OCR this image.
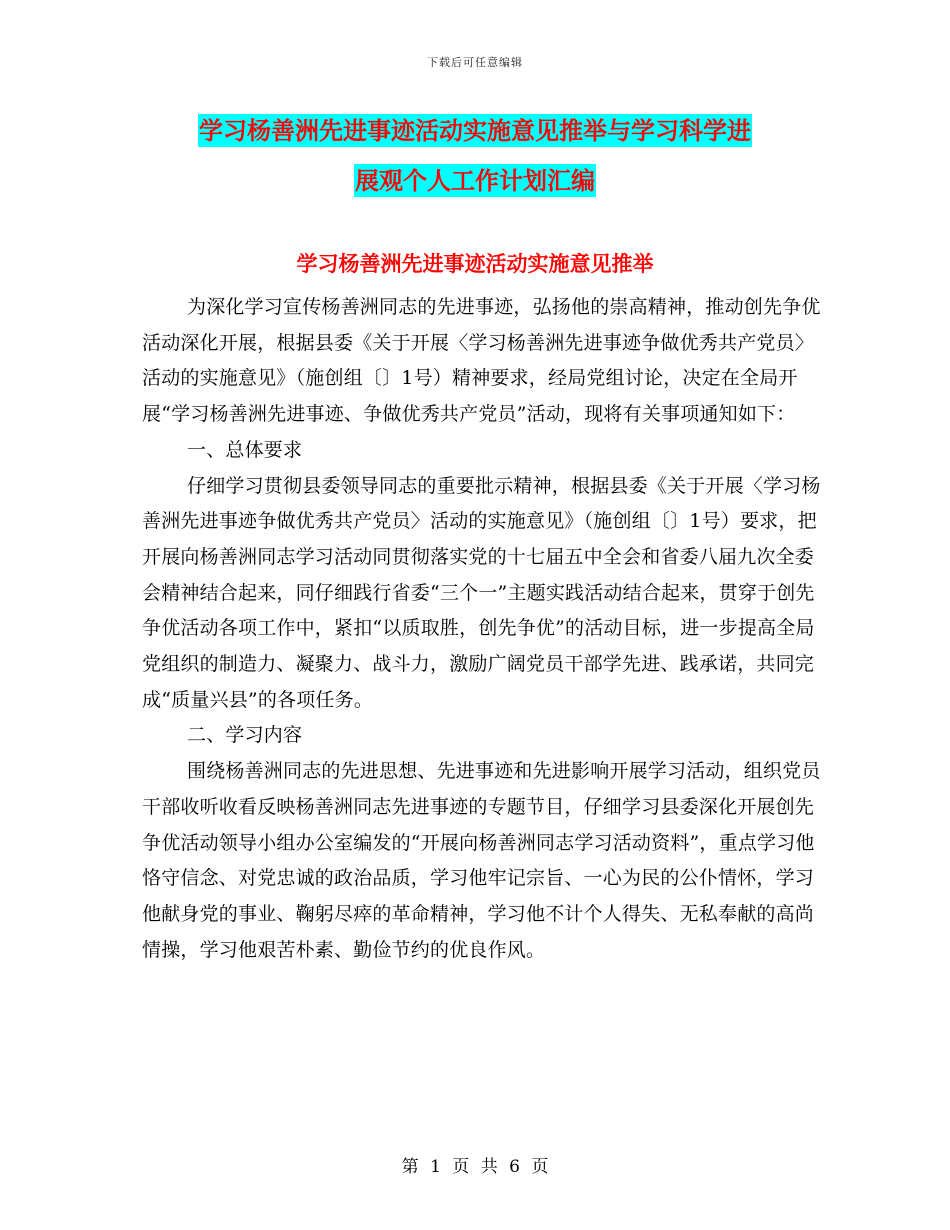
下载后可任意编辑
学习杨善洲先进事迹活动实施意见推举与学习科学进
展观个人工作计划汇编
学习杨善洲先进事迹活动实施意见推举

为深化学习宣传杨善洲同志的先进事迹，弘扬他的崇高精神，推动创先争优活动深化开展，根据县委《关于开展〈学习杨善洲先进事迹争做优秀共产党员〉活动的实施意见》（施创组〔〕1号）精神要求，经局党组讨论，决定在全局开展“学习杨善洲先进事迹、争做优秀共产党员”活动，现将有关事项通知如下：

一、总体要求

仔细学习贯彻县委领导同志的重要批示精神，根据县委《关于开展〈学习杨善洲先进事迹争做优秀共产党员〉活动的实施意见》（施创组〔〕1号）要求，把开展向杨善洲同志学习活动同贯彻落实党的十七届五中全会和省委八届九次全委会精神结合起来，同仔细践行省委“三个一”主题实践活动结合起来，贯穿于创先争优活动各项工作中，紧扣“以质取胜，创先争优”的活动目标，进一步提高全局党组织的制造力、凝聚力、战斗力，激励广阔党员干部学先进、践承诺，共同完成“质量兴县”的各项任务。

二、学习内容

围绕杨善洲同志的先进思想、先进事迹和先进影响开展学习活动，组织党员干部收听收看反映杨善洲同志先进事迹的专题节目，仔细学习县委深化开展创先争优活动领导小组办公室编发的“开展向杨善洲同志学习活动资料”，重点学习他恪守信念、对党忠诚的政治品质，学习他牢记宗旨、一心为民的公仆情怀，学习他献身党的事业、鞠躬尽瘁的革命精神，学习他不计个人得失、无私奉献的高尚情操，学习他艰苦朴素、勤俭节约的优良作风。

第 1 页 共 6 页
